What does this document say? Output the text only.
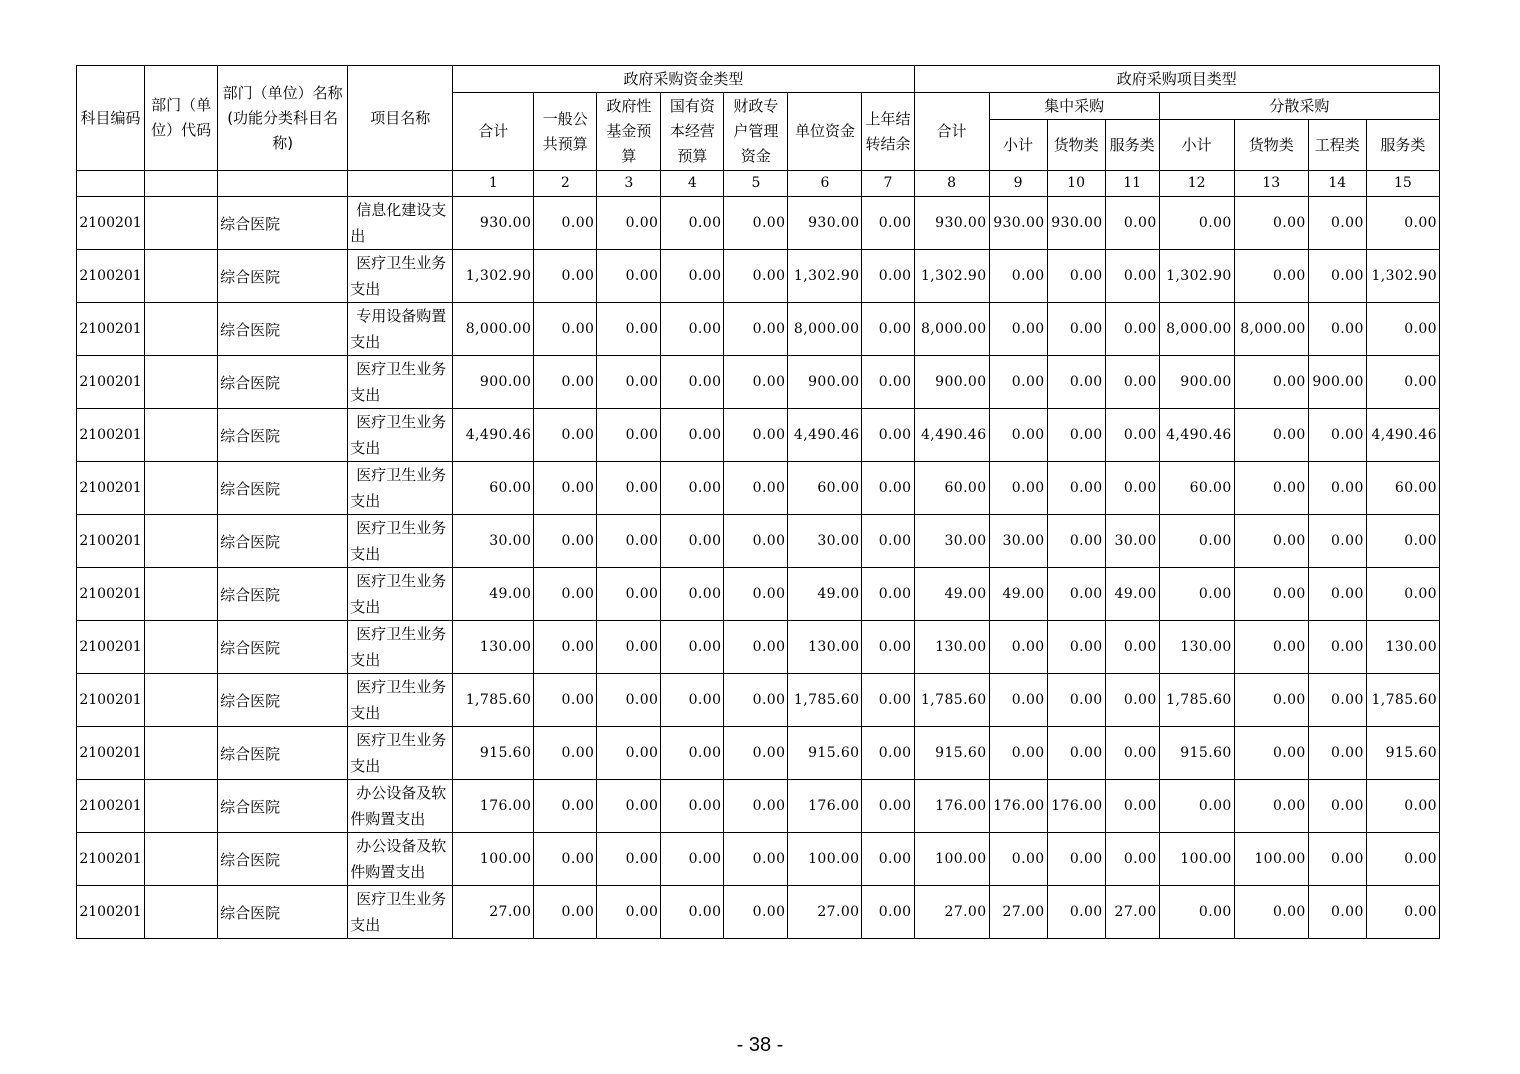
科目编码	部门（单位）代码	部门（单位）名称(功能分类科目名称)	项目名称	政府采购资金类型							政府采购项目类型							
				合计	一般公共预算	政府性基金预算	国有资本经营预算	财政专户管理资金	单位资金	上年结转结余	合计	集中采购			分散采购			
												小计	货物类	服务类	小计	货物类	工程类	服务类
				1	2	3	4	5	6	7	8	9	10	11	12	13	14	15
2100201		综合医院	信息化建设支出	930.00	0.00	0.00	0.00	0.00	930.00	0.00	930.00	930.00	930.00	0.00	0.00	0.00	0.00	0.00
2100201		综合医院	医疗卫生业务支出	1,302.90	0.00	0.00	0.00	0.00	1,302.90	0.00	1,302.90	0.00	0.00	0.00	1,302.90	0.00	0.00	1,302.90
2100201		综合医院	专用设备购置支出	8,000.00	0.00	0.00	0.00	0.00	8,000.00	0.00	8,000.00	0.00	0.00	0.00	8,000.00	8,000.00	0.00	0.00
2100201		综合医院	医疗卫生业务支出	900.00	0.00	0.00	0.00	0.00	900.00	0.00	900.00	0.00	0.00	0.00	900.00	0.00	900.00	0.00
2100201		综合医院	医疗卫生业务支出	4,490.46	0.00	0.00	0.00	0.00	4,490.46	0.00	4,490.46	0.00	0.00	0.00	4,490.46	0.00	0.00	4,490.46
2100201		综合医院	医疗卫生业务支出	60.00	0.00	0.00	0.00	0.00	60.00	0.00	60.00	0.00	0.00	0.00	60.00	0.00	0.00	60.00
2100201		综合医院	医疗卫生业务支出	30.00	0.00	0.00	0.00	0.00	30.00	0.00	30.00	30.00	0.00	30.00	0.00	0.00	0.00	0.00
2100201		综合医院	医疗卫生业务支出	49.00	0.00	0.00	0.00	0.00	49.00	0.00	49.00	49.00	0.00	49.00	0.00	0.00	0.00	0.00
2100201		综合医院	医疗卫生业务支出	130.00	0.00	0.00	0.00	0.00	130.00	0.00	130.00	0.00	0.00	0.00	130.00	0.00	0.00	130.00
2100201		综合医院	医疗卫生业务支出	1,785.60	0.00	0.00	0.00	0.00	1,785.60	0.00	1,785.60	0.00	0.00	0.00	1,785.60	0.00	0.00	1,785.60
2100201		综合医院	医疗卫生业务支出	915.60	0.00	0.00	0.00	0.00	915.60	0.00	915.60	0.00	0.00	0.00	915.60	0.00	0.00	915.60
2100201		综合医院	办公设备及软件购置支出	176.00	0.00	0.00	0.00	0.00	176.00	0.00	176.00	176.00	176.00	0.00	0.00	0.00	0.00	0.00
2100201		综合医院	办公设备及软件购置支出	100.00	0.00	0.00	0.00	0.00	100.00	0.00	100.00	0.00	0.00	0.00	100.00	100.00	0.00	0.00
2100201		综合医院	医疗卫生业务支出	27.00	0.00	0.00	0.00	0.00	27.00	0.00	27.00	27.00	0.00	27.00	0.00	0.00	0.00	0.00
- 38 -
